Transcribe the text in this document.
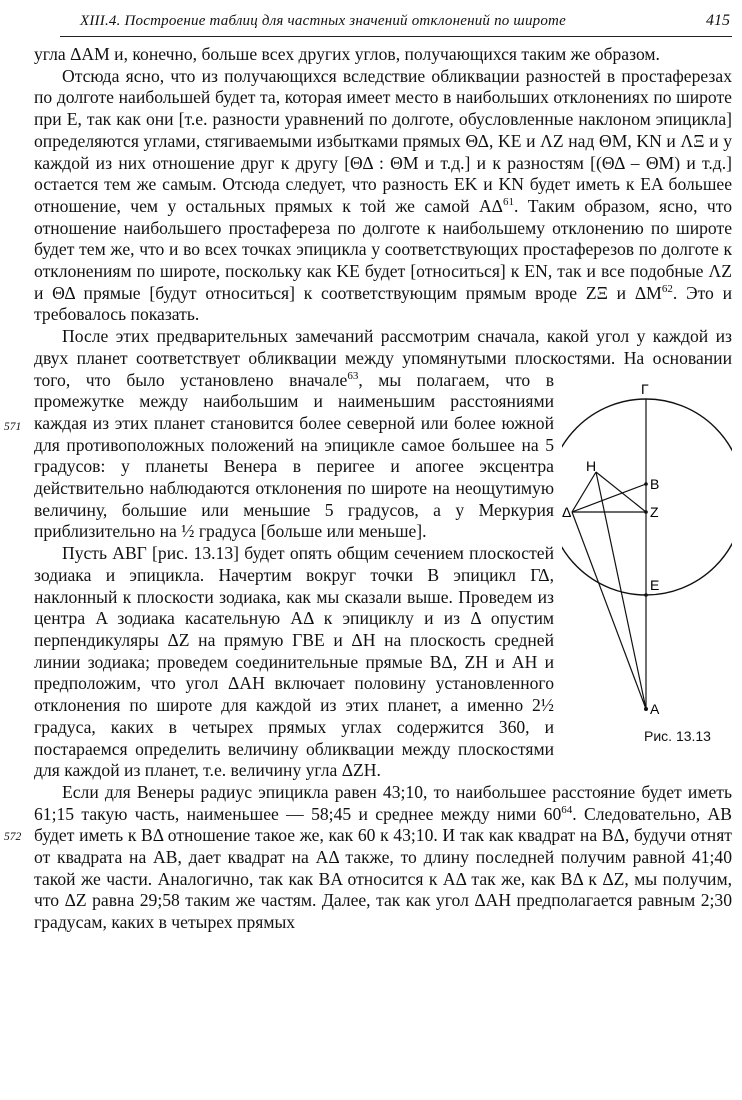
XIII.4. Построение таблиц для частных значений отклонений по широте	415
571
572

угла ΔAM и, конечно, больше всех других углов, получающихся таким же образом.

Отсюда ясно, что из получающихся вследствие обликвации разностей в простаферезах по долготе наибольшей будет та, которая имеет место в наибольших отклонениях по широте при E, так как они [т.е. разности уравнений по долготе, обусловленные наклоном эпицикла] определяются углами, стягиваемыми избытками прямых ΘΔ, KE и ΛZ над ΘM, KN и ΛΞ и у каждой из них отношение друг к другу [ΘΔ : ΘM и т.д.] и к разностям [(ΘΔ – ΘM) и т.д.] остается тем же самым. Отсюда следует, что разность EK и KN будет иметь к EA большее отношение, чем у остальных прямых к той же самой AΔ$^{61}$. Таким образом, ясно, что отношение наибольшего простафереза по долготе к наибольшему отклонению по широте будет тем же, что и во всех точках эпицикла у соответствующих простаферезов по долготе к отклонениям по широте, поскольку как KE будет [относиться] к EN, так и все подобные ΛZ и ΘΔ прямые [будут относиться] к соответствующим прямым вроде ZΞ и ΔM$^{62}$. Это и требовалось показать.

После этих предварительных замечаний рассмотрим сначала, какой угол у каждой из двух планет соответствует обликвации между упомянутыми плоскостями. На основании того, что было установлено вначале$^{63}$
Γ
H
B
Δ	Z
E
A
Рис. 13.13
, мы полагаем, что в промежутке между наибольшим и наименьшим расстояниями каждая из этих планет становится более северной или более южной для противоположных положений на эпицикле самое большее на 5 градусов: у планеты Венера в перигее и апогее эксцентра действительно наблюдаются отклонения по широте на неощутимую величину, большие или меньшие 5 градусов, а у Меркурия приблизительно на ½ градуса [больше или меньше].

Пусть ABΓ [рис. 13.13] будет опять общим сечением плоскостей зодиака и эпицикла. Начертим вокруг точки B эпицикл ΓΔ, наклонный к плоскости зодиака, как мы сказали выше. Проведем из центра A зодиака касательную AΔ к эпициклу и из Δ опустим перпендикуляры ΔZ на прямую ΓBE и ΔH на плоскость средней линии зодиака; проведем соединительные прямые BΔ, ZH и AH и предположим, что угол ΔAH включает половину установленного отклонения по широте для каждой из этих планет, а именно 2½ градуса, каких в четырех прямых углах содержится 360, и постараемся определить величину обликвации между плоскостями для каждой из планет, т.е. величину угла ΔZH.

Если для Венеры радиус эпицикла равен 43;10, то наибольшее расстояние будет иметь 61;15 такую часть, наименьшее — 58;45 и среднее между ними $60^{64}$. Следовательно, AB будет иметь к BΔ отношение такое же, как 60 к 43;10. И так как квадрат на BΔ, будучи отнят от квадрата на AB, дает квадрат на AΔ также, то длину последней получим равной 41;40 такой же части. Аналогично, так как BA относится к AΔ так же, как BΔ к ΔZ, мы получим, что ΔZ равна 29;58 таким же частям. Далее, так как угол ΔAH предполагается равным 2;30 градусам, каких в четырех прямых
